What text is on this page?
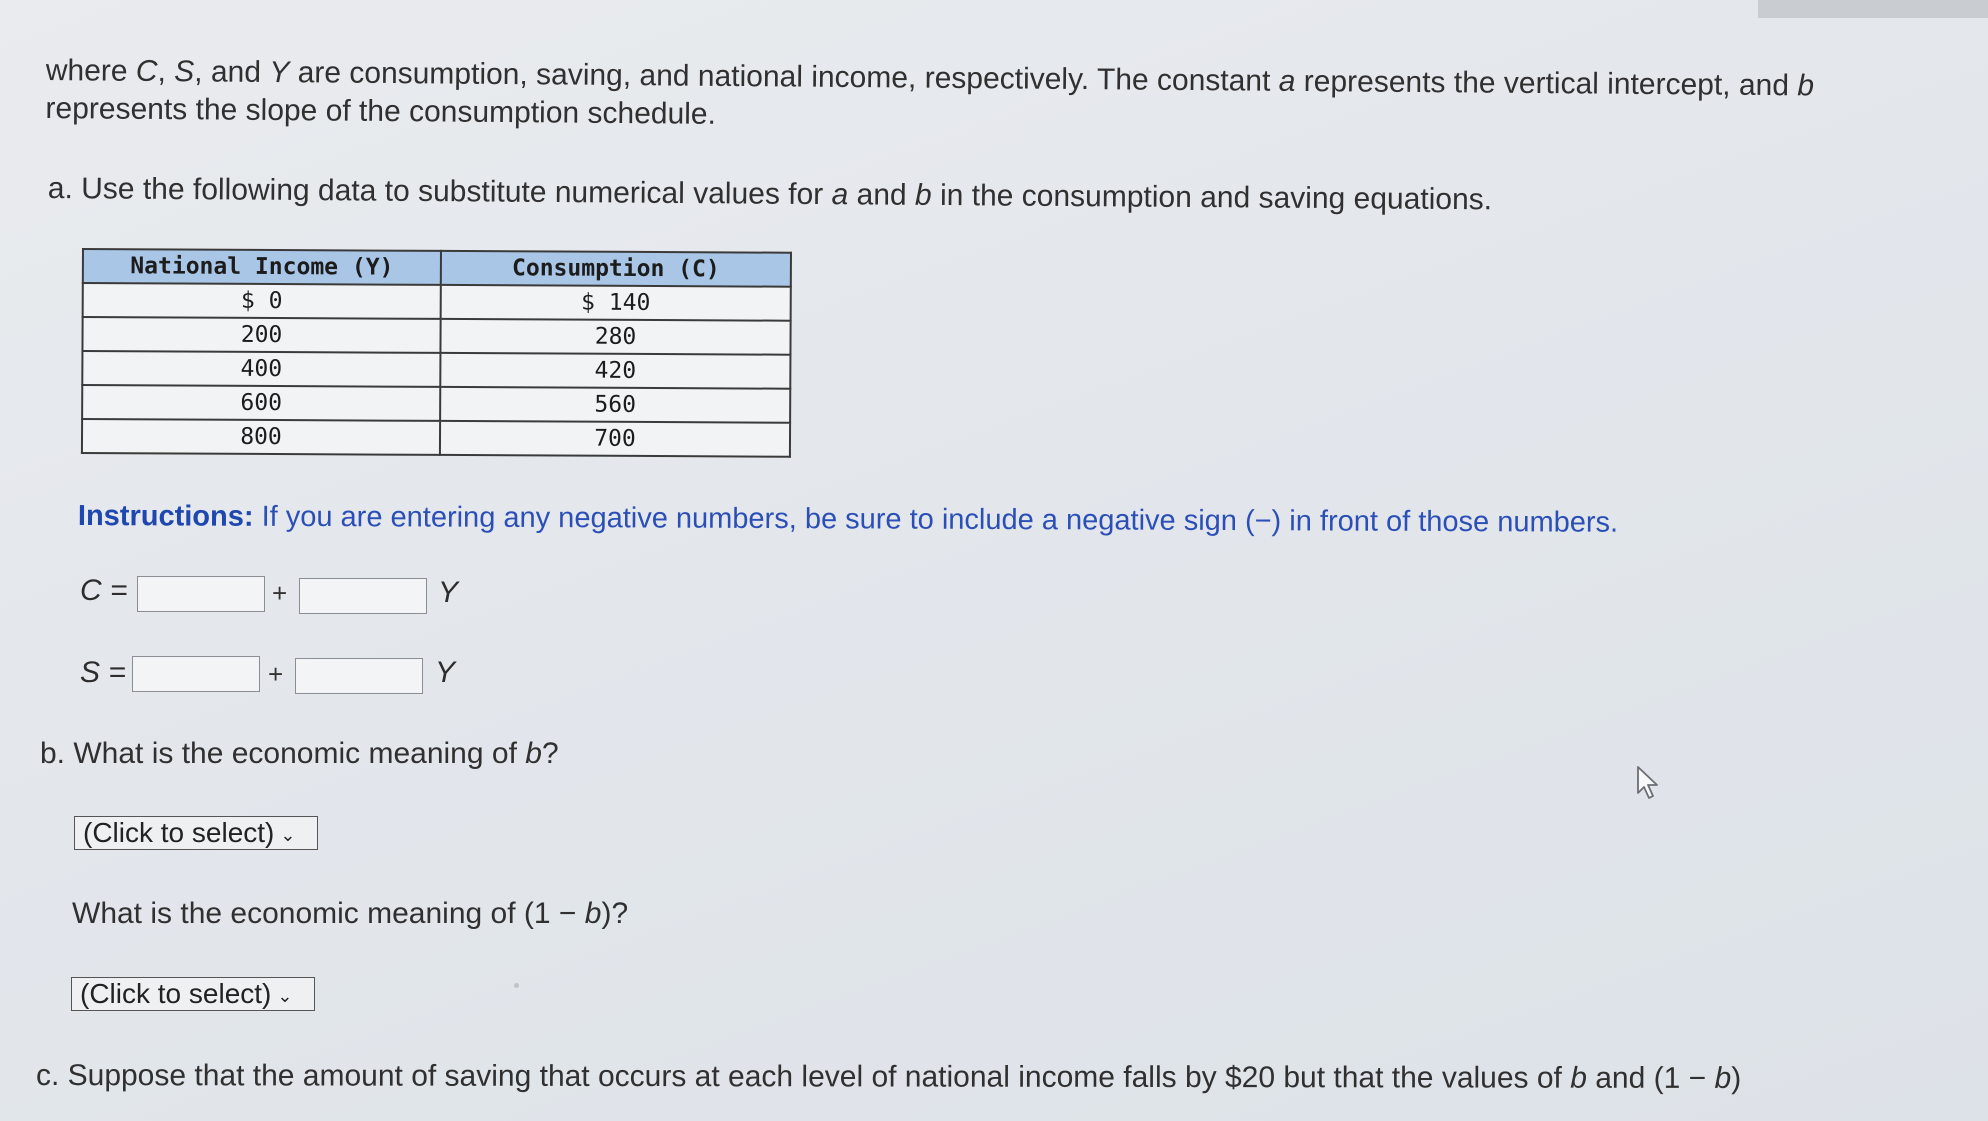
where C, S, and Y are consumption, saving, and national income, respectively. The constant a represents the vertical intercept, and b represents the slope of the consumption schedule.
a. Use the following data to substitute numerical values for a and b in the consumption and saving equations.
National Income (Y)	Consumption (C)
$ 0	$ 140
200	280
400	420
600	560
800	700
Instructions: If you are entering any negative numbers, be sure to include a negative sign (−) in front of those numbers.
C =	+	Y
S =	+	Y
b. What is the economic meaning of b?
(Click to select) ⌄
What is the economic meaning of (1 − b)?
(Click to select) ⌄
c. Suppose that the amount of saving that occurs at each level of national income falls by $20 but that the values of b and (1 − b)
